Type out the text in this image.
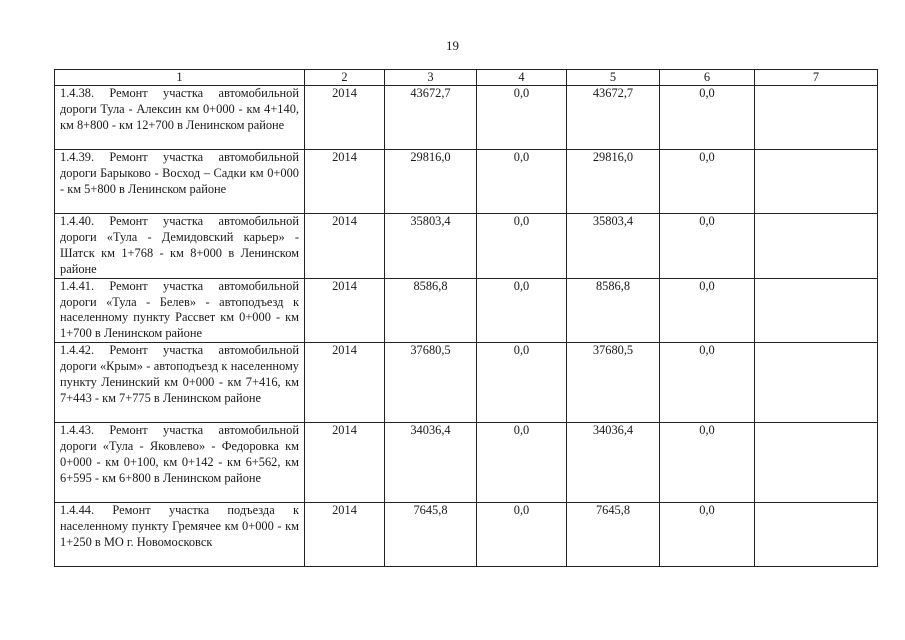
19
1	2	3	4	5	6	7
1.4.38. Ремонт участка автомобильной дороги Тула - Алексин км 0+000 - км 4+140, км 8+800 - км 12+700 в Ленинском районе	2014	43672,7	0,0	43672,7	0,0	
1.4.39. Ремонт участка автомобильной дороги Барыково - Восход – Садки км 0+000 - км 5+800 в Ленинском районе	2014	29816,0	0,0	29816,0	0,0	
1.4.40. Ремонт участка автомобильной дороги «Тула - Демидовский карьер» - Шатск км 1+768 - км 8+000 в Ленинском районе	2014	35803,4	0,0	35803,4	0,0	
1.4.41. Ремонт участка автомобильной дороги «Тула - Белев» - автоподъезд к населенному пункту Рассвет км 0+000 - км 1+700 в Ленинском районе	2014	8586,8	0,0	8586,8	0,0	
1.4.42. Ремонт участка автомобильной дороги «Крым» - автоподъезд к населенному пункту Ленинский км 0+000 - км 7+416, км 7+443 - км 7+775 в Ленинском районе	2014	37680,5	0,0	37680,5	0,0	
1.4.43. Ремонт участка автомобильной дороги «Тула - Яковлево» - Федоровка км 0+000 - км 0+100, км 0+142 - км 6+562, км 6+595 - км 6+800 в Ленинском районе	2014	34036,4	0,0	34036,4	0,0	
1.4.44. Ремонт участка подъезда к населенному пункту Гремячее км 0+000 - км 1+250 в МО г. Новомосковск	2014	7645,8	0,0	7645,8	0,0	
